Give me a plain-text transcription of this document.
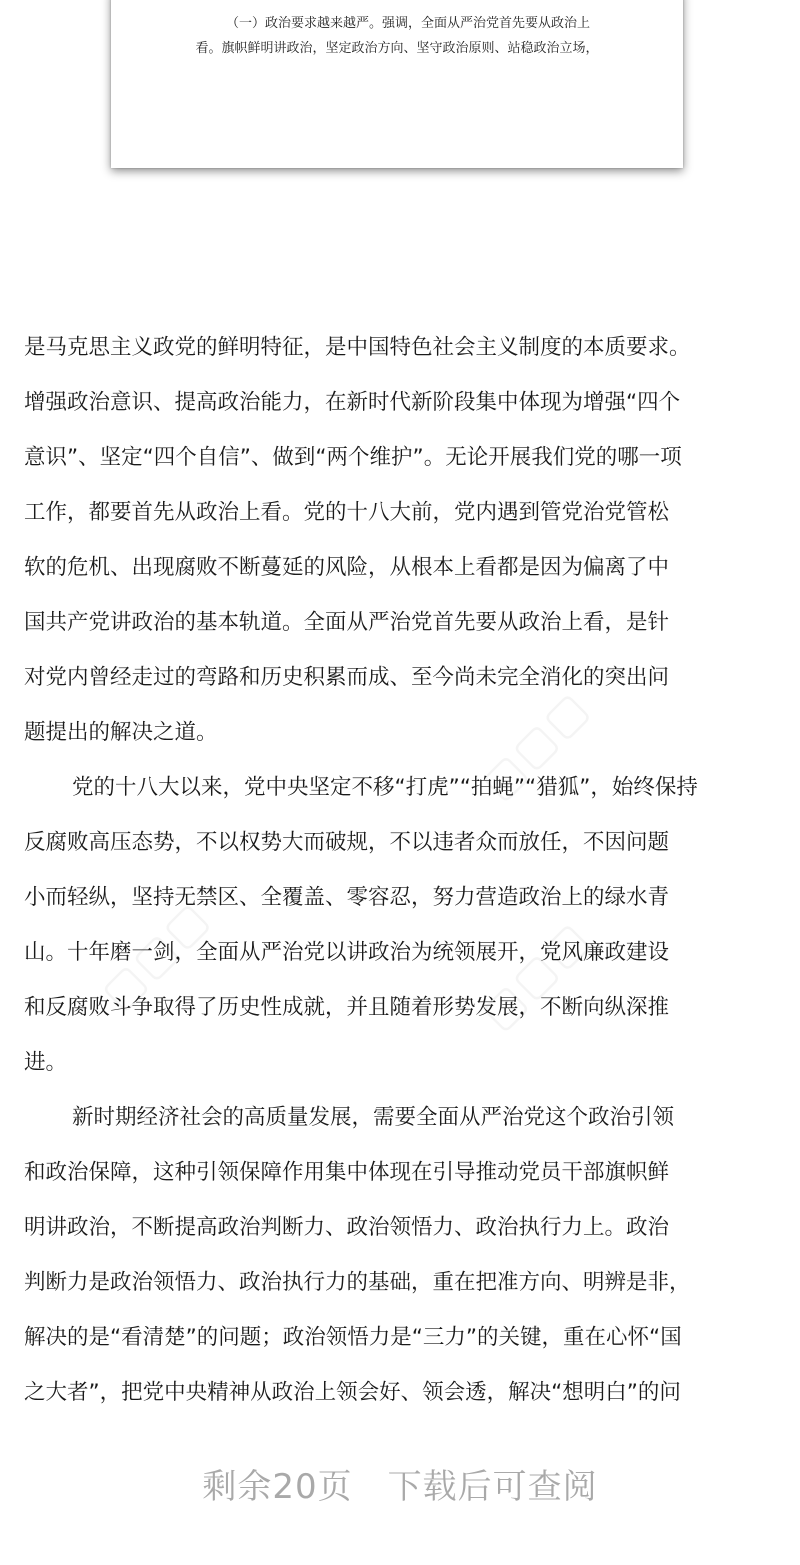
（一）政治要求越来越严。强调，全面从严治党首先要从政治上
看。旗帜鲜明讲政治，坚定政治方向、坚守政治原则、站稳政治立场，
是马克思主义政党的鲜明特征，是中国特色社会主义制度的本质要求。
增强政治意识、提高政治能力，在新时代新阶段集中体现为增强“四个
意识”、坚定“四个自信”、做到“两个维护”。无论开展我们党的哪一项
工作，都要首先从政治上看。党的十八大前，党内遇到管党治党管松
软的危机、出现腐败不断蔓延的风险，从根本上看都是因为偏离了中
国共产党讲政治的基本轨道。全面从严治党首先要从政治上看，是针
对党内曾经走过的弯路和历史积累而成、至今尚未完全消化的突出问
题提出的解决之道。
党的十八大以来，党中央坚定不移“打虎”“拍蝇”“猎狐”，始终保持
反腐败高压态势，不以权势大而破规，不以违者众而放任，不因问题
小而轻纵，坚持无禁区、全覆盖、零容忍，努力营造政治上的绿水青
山。十年磨一剑，全面从严治党以讲政治为统领展开，党风廉政建设
和反腐败斗争取得了历史性成就，并且随着形势发展，不断向纵深推
进。
新时期经济社会的高质量发展，需要全面从严治党这个政治引领
和政治保障，这种引领保障作用集中体现在引导推动党员干部旗帜鲜
明讲政治，不断提高政治判断力、政治领悟力、政治执行力上。政治
判断力是政治领悟力、政治执行力的基础，重在把准方向、明辨是非，
解决的是“看清楚”的问题；政治领悟力是“三力”的关键，重在心怀“国
之大者”，把党中央精神从政治上领会好、领会透，解决“想明白”的问
剩余20页　下载后可查阅
